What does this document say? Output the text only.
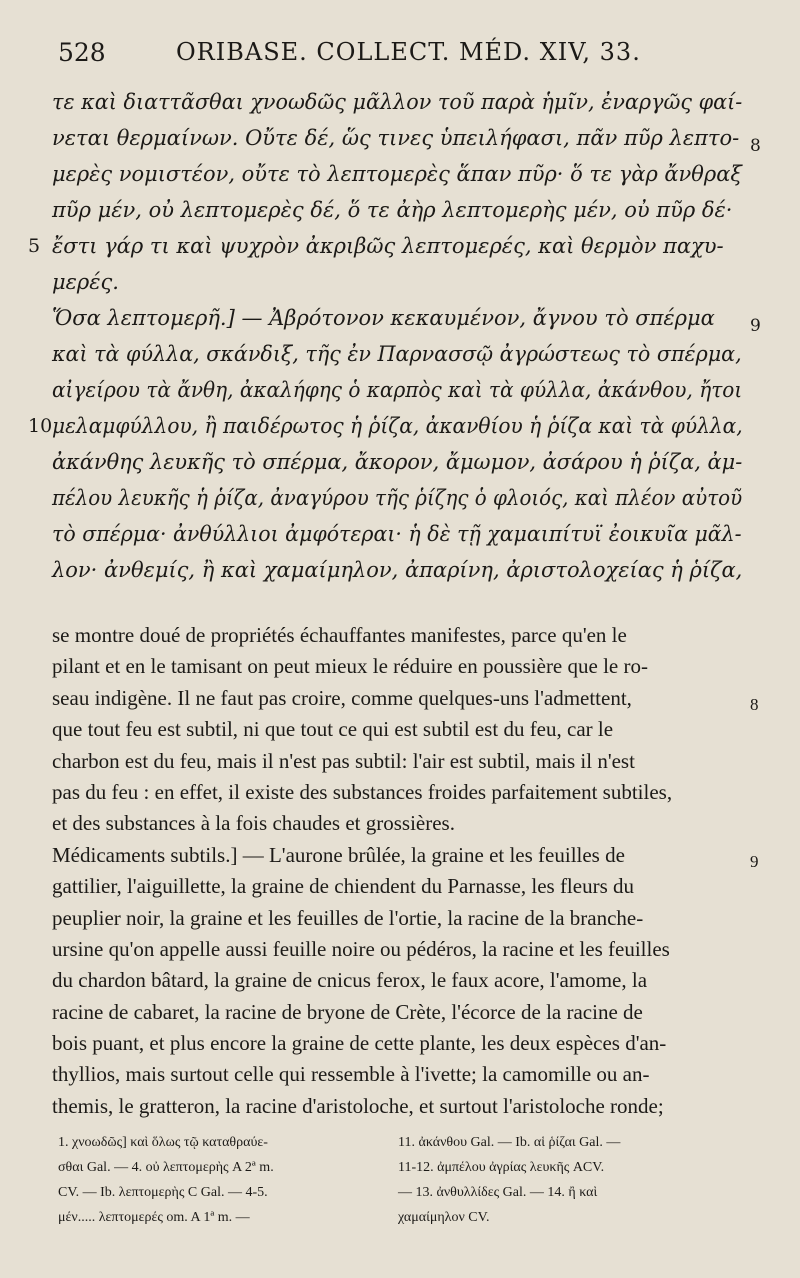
528	ORIBASE. COLLECT. MÉD. XIV, 33.
τε καὶ διαττᾶσθαι χνοωδῶς μᾶλλον τοῦ παρὰ ἡμῖν, ἐναργῶς φαί-
νεται θερμαίνων. Οὔτε δέ, ὥς τινες ὑπειλήφασι, πᾶν πῦρ λεπτο- 8
μερὲς νομιστέον, οὔτε τὸ λεπτομερὲς ἅπαν πῦρ· ὅ τε γὰρ ἄνθραξ
πῦρ μέν, οὐ λεπτομερὲς δέ, ὅ τε ἀὴρ λεπτομερὴς μέν, οὐ πῦρ δέ·
ἔστι γάρ τι καὶ ψυχρὸν ἀκριβῶς λεπτομερές, καὶ θερμὸν παχυ-
5
μερές.
Ὅσα λεπτομερῆ.] — Ἀβρότονον κεκαυμένον, ἄγνου τὸ σπέρμα 9
καὶ τὰ φύλλα, σκάνδιξ, τῆς ἐν Παρνασσῷ ἀγρώστεως τὸ σπέρμα,
αἰγείρου τὰ ἄνθη, ἀκαλήφης ὁ καρπὸς καὶ τὰ φύλλα, ἀκάνθου, ἤτοι
μελαμφύλλου, ἢ παιδέρωτος ἡ ῥίζα, ἀκανθίου ἡ ῥίζα καὶ τὰ φύλλα,
10
ἀκάνθης λευκῆς τὸ σπέρμα, ἄκορον, ἄμωμον, ἀσάρου ἡ ῥίζα, ἀμ-
πέλου λευκῆς ἡ ῥίζα, ἀναγύρου τῆς ῥίζης ὁ φλοιός, καὶ πλέον αὐτοῦ
τὸ σπέρμα· ἀνθύλλιοι ἀμφότεραι· ἡ δὲ τῇ χαμαιπίτυϊ ἐοικυῖα μᾶλ-
λον· ἀνθεμίς, ἢ καὶ χαμαίμηλον, ἀπαρίνη, ἀριστολοχείας ἡ ῥίζα,
se montre doué de propriétés échauffantes manifestes, parce qu'en le
pilant et en le tamisant on peut mieux le réduire en poussière que le ro-
seau indigène. Il ne faut pas croire, comme quelques-uns l'admettent,	8
que tout feu est subtil, ni que tout ce qui est subtil est du feu, car le
charbon est du feu, mais il n'est pas subtil: l'air est subtil, mais il n'est
pas du feu : en effet, il existe des substances froides parfaitement subtiles,
et des substances à la fois chaudes et grossières.
Médicaments subtils.] — L'aurone brûlée, la graine et les feuilles de	9
gattilier, l'aiguillette, la graine de chiendent du Parnasse, les fleurs du
peuplier noir, la graine et les feuilles de l'ortie, la racine de la branche-
ursine qu'on appelle aussi feuille noire ou pédéros, la racine et les feuilles
du chardon bâtard, la graine de cnicus ferox, le faux acore, l'amome, la
racine de cabaret, la racine de bryone de Crète, l'écorce de la racine de
bois puant, et plus encore la graine de cette plante, les deux espèces d'an-
thyllios, mais surtout celle qui ressemble à l'ivette; la camomille ou an-
themis, le gratteron, la racine d'aristoloche, et surtout l'aristoloche ronde;
1. χνοωδῶς] καὶ ὅλως τῷ καταθραύε-
σθαι Gal. — 4. οὐ λεπτομερὴς A 2ª m.
CV. — Ib. λεπτομερὴς C Gal. — 4-5.
μέν..... λεπτομερές om. A 1ª m. —
11. ἀκάνθου Gal. — Ib. αἱ ῥίζαι Gal. —
11-12. ἀμπέλου ἀγρίας λευκῆς ACV.
— 13. ἀνθυλλίδες Gal. — 14. ἢ καὶ
χαμαίμηλον CV.
